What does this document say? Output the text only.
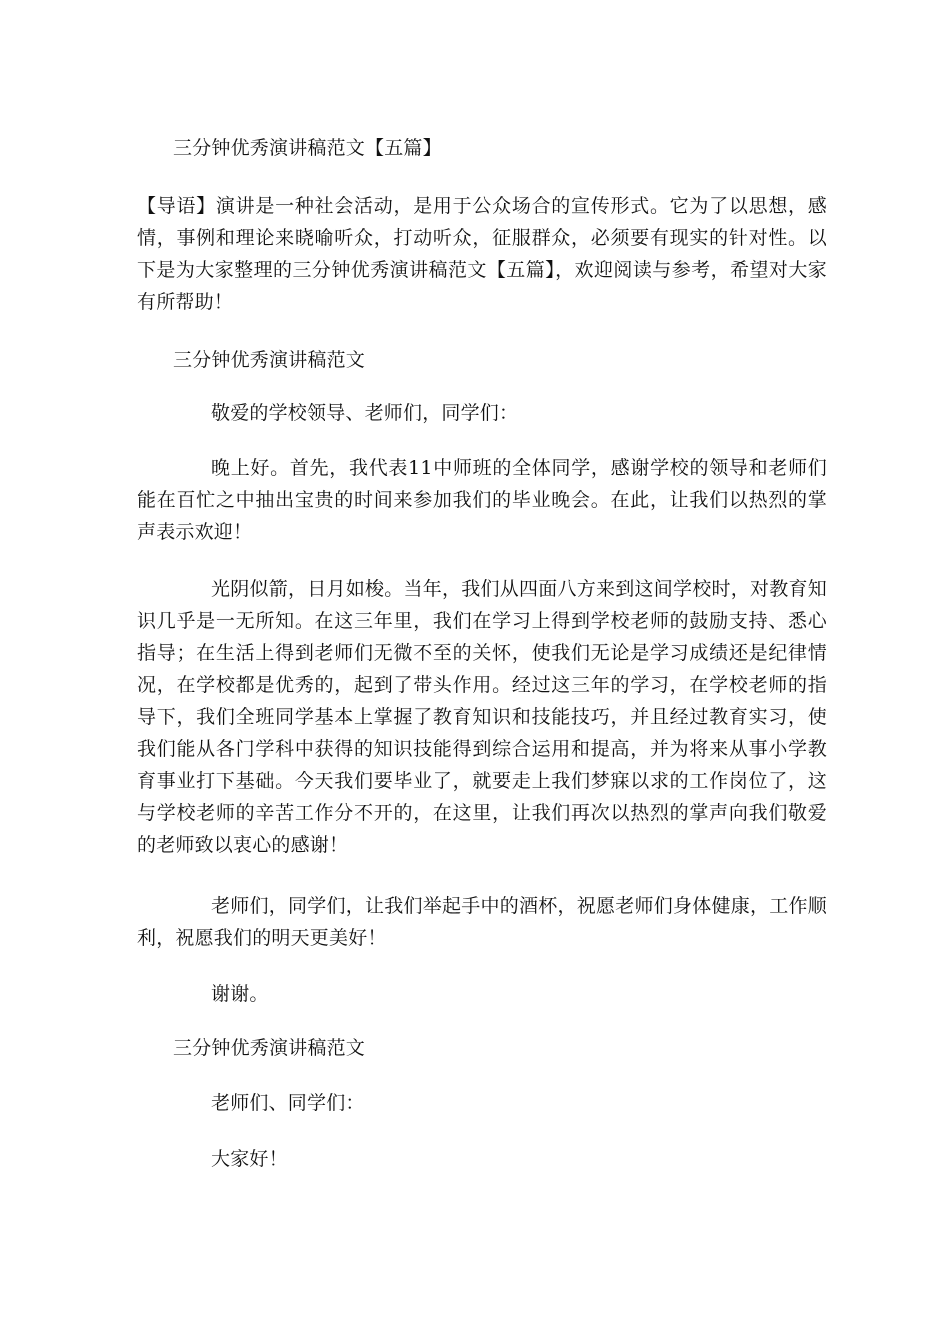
三分钟优秀演讲稿范文【五篇】
【导语】演讲是一种社会活动，是用于公众场合的宣传形式。它为了以思想，感情，事例和理论来晓喻听众，打动听众，征服群众，必须要有现实的针对性。以下是为大家整理的三分钟优秀演讲稿范文【五篇】，欢迎阅读与参考，希望对大家有所帮助！
三分钟优秀演讲稿范文
敬爱的学校领导、老师们，同学们：
晚上好。首先，我代表11中师班的全体同学，感谢学校的领导和老师们能在百忙之中抽出宝贵的时间来参加我们的毕业晚会。在此，让我们以热烈的掌声表示欢迎！
光阴似箭，日月如梭。当年，我们从四面八方来到这间学校时，对教育知识几乎是一无所知。在这三年里，我们在学习上得到学校老师的鼓励支持、悉心指导；在生活上得到老师们无微不至的关怀，使我们无论是学习成绩还是纪律情况，在学校都是优秀的，起到了带头作用。经过这三年的学习，在学校老师的指导下，我们全班同学基本上掌握了教育知识和技能技巧，并且经过教育实习，使我们能从各门学科中获得的知识技能得到综合运用和提高，并为将来从事小学教育事业打下基础。今天我们要毕业了，就要走上我们梦寐以求的工作岗位了，这与学校老师的辛苦工作分不开的，在这里，让我们再次以热烈的掌声向我们敬爱的老师致以衷心的感谢！
老师们，同学们，让我们举起手中的酒杯，祝愿老师们身体健康，工作顺利，祝愿我们的明天更美好！
谢谢。
三分钟优秀演讲稿范文
老师们、同学们：
大家好！
